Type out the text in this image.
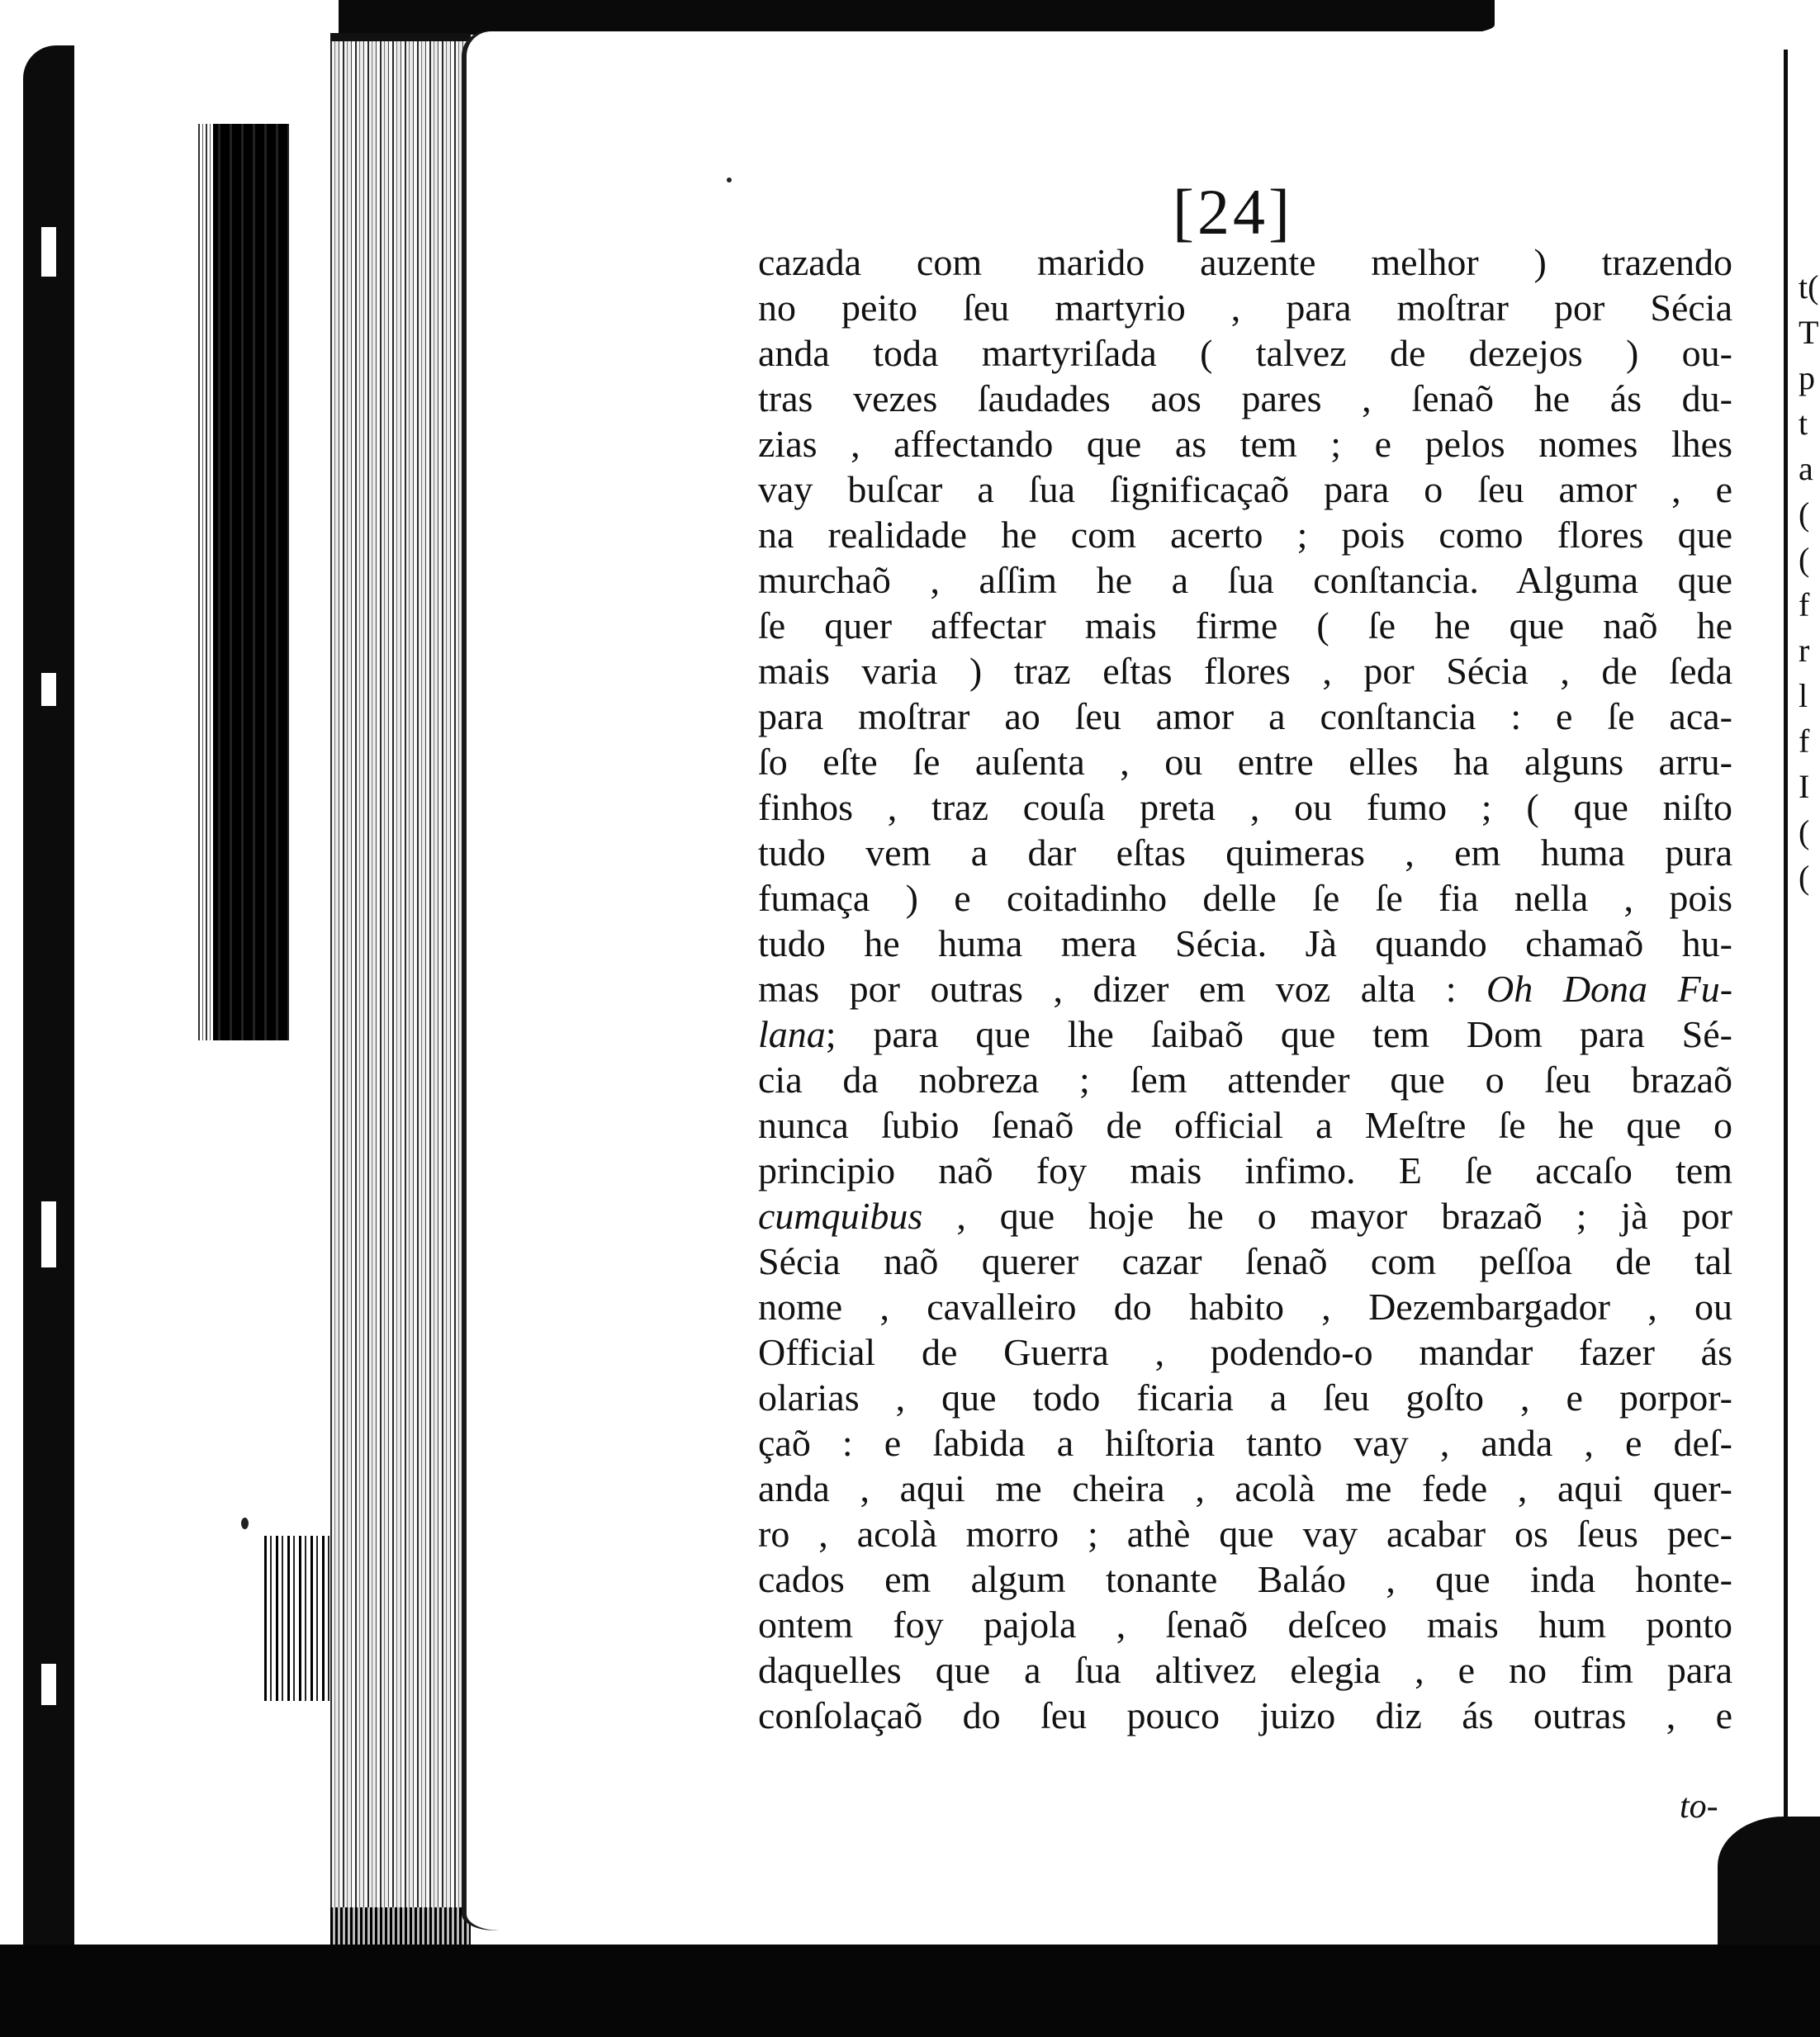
t(
T
p
t
a
(
(
f
r
l
f
I
(
(
[24]
cazada com marido auzente melhor ) trazendo
no peito ſeu martyrio , para moſtrar por Sécia
anda toda martyriſada ( talvez de dezejos ) ou-
tras vezes ſaudades aos pares , ſenaõ he ás du-
zias , affectando que as tem ; e pelos nomes lhes
vay buſcar a ſua ſignificaçaõ para o ſeu amor , e
na realidade he com acerto ; pois como flores que
murchaõ , aſſim he a ſua conſtancia. Alguma que
ſe quer affectar mais firme ( ſe he que naõ he
mais varia ) traz eſtas flores , por Sécia , de ſeda
para moſtrar ao ſeu amor a conſtancia : e ſe aca-
ſo eſte ſe auſenta , ou entre elles ha alguns arru-
finhos , traz couſa preta , ou fumo ; ( que niſto
tudo vem a dar eſtas quimeras , em huma pura
fumaça ) e coitadinho delle ſe ſe fia nella , pois
tudo he huma mera Sécia. Jà quando chamaõ hu-
mas por outras , dizer em voz alta : Oh Dona Fu-
lana; para que lhe ſaibaõ que tem Dom para Sé-
cia da nobreza ; ſem attender que o ſeu brazaõ
nunca ſubio ſenaõ de official a Meſtre ſe he que o
principio naõ foy mais infimo. E ſe accaſo tem
cumquibus , que hoje he o mayor brazaõ ; jà por
Sécia naõ querer cazar ſenaõ com peſſoa de tal
nome , cavalleiro do habito , Dezembargador , ou
Official de Guerra , podendo-o mandar fazer ás
olarias , que todo ficaria a ſeu goſto , e porpor-
çaõ : e ſabida a hiſtoria tanto vay , anda , e deſ-
anda , aqui me cheira , acolà me fede , aqui quer-
ro , acolà morro ; athè que vay acabar os ſeus pec-
cados em algum tonante Baláo , que inda honte-
ontem foy pajola , ſenaõ deſceo mais hum ponto
daquelles que a ſua altivez elegia , e no fim para
conſolaçaõ do ſeu pouco juizo diz ás outras , e
to-
